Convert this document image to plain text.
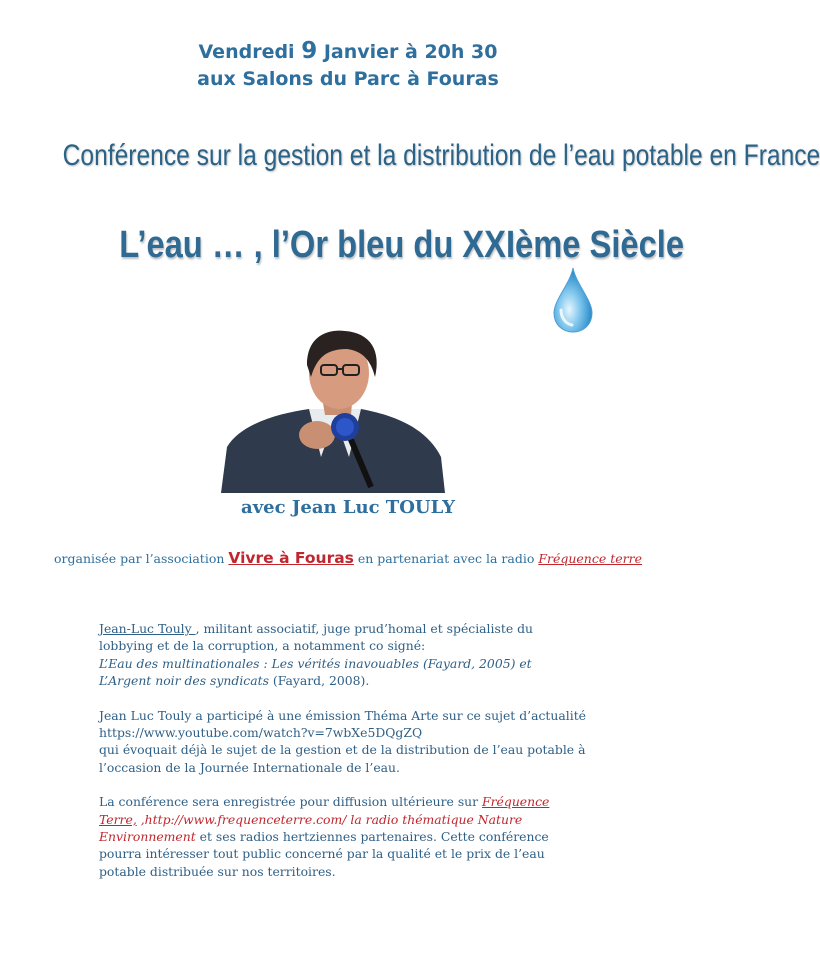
Vendredi 9 Janvier à 20h 30
aux Salons du Parc à Fouras
Conférence sur la gestion et la distribution de l’eau potable en France
L’eau … , l’Or bleu du XXIème Siècle
avec Jean Luc TOULY
organisée par l’association Vivre à Fouras en partenariat avec la radio Fréquence terre

Jean-Luc Touly , militant associatif, juge prud’homal et spécialiste du lobbying et de la corruption, a notamment co signé:
L’Eau des multinationales : Les vérités inavouables (Fayard, 2005) et
L’Argent noir des syndicats (Fayard, 2008).

Jean Luc Touly a participé à une émission Théma Arte sur ce sujet d’actualité
https://www.youtube.com/watch?v=7wbXe5DQgZQ
qui évoquait déjà le sujet de la gestion et de la distribution de l’eau potable à l’occasion de la Journée Internationale de l’eau.

La conférence sera enregistrée pour diffusion ultérieure sur Fréquence Terre, ,http://www.frequenceterre.com/ la radio thématique Nature Environnement et ses radios hertziennes partenaires. Cette conférence pourra intéresser tout public concerné par la qualité et le prix de l’eau potable distribuée sur nos territoires.
